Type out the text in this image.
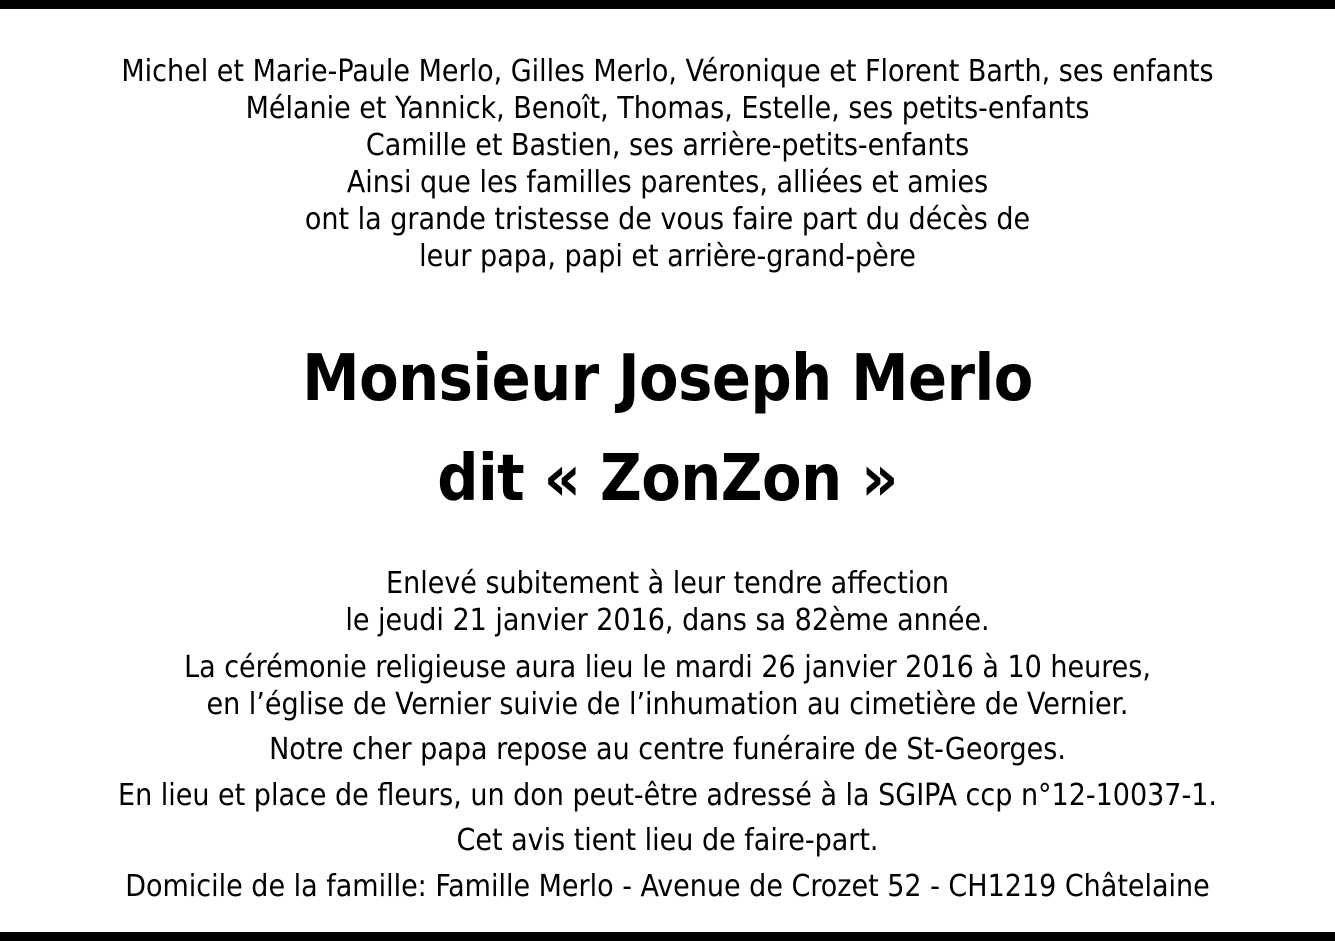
Michel et Marie-Paule Merlo, Gilles Merlo, Véronique et Florent Barth, ses enfants
Mélanie et Yannick, Benoît, Thomas, Estelle, ses petits-enfants
Camille et Bastien, ses arrière-petits-enfants
Ainsi que les familles parentes, alliées et amies
ont la grande tristesse de vous faire part du décès de
leur papa, papi et arrière-grand-père
Monsieur Joseph Merlo
dit « ZonZon »
Enlevé subitement à leur tendre affection
le jeudi 21 janvier 2016, dans sa 82ème année.
La cérémonie religieuse aura lieu le mardi 26 janvier 2016 à 10 heures,
en l’église de Vernier suivie de l’inhumation au cimetière de Vernier.
Notre cher papa repose au centre funéraire de St-Georges.
En lieu et place de fleurs, un don peut-être adressé à la SGIPA ccp n°12-10037-1.
Cet avis tient lieu de faire-part.
Domicile de la famille: Famille Merlo - Avenue de Crozet 52 - CH1219 Châtelaine
